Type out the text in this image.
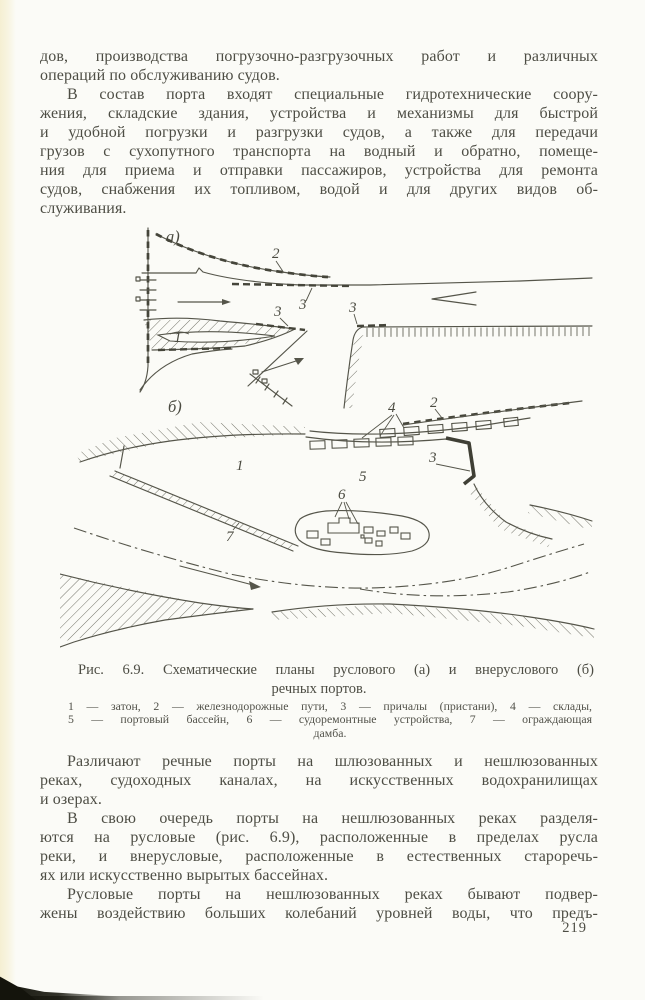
дов, производства погрузочно-разгрузочных работ и различных
операций по обслуживанию судов.
В состав порта входят специальные гидротехнические соору-
жения, складские здания, устройства и механизмы для быстрой
и удобной погрузки и разгрузки судов, а также для передачи
грузов с сухопутного транспорта на водный и обратно, помеще-
ния для приема и отправки пассажиров, устройства для ремонта
судов, снабжения их топливом, водой и для других видов об-
служивания.
а)
2
1
3 3	3
б)
7
4 2
3
1
5
6
Рис. 6.9. Схематические планы руслового (а) и внеруслового (б)
речных портов.
1 — затон, 2 — железнодорожные пути, 3 — причалы (пристани), 4 — склады,
5 — портовый бассейн, 6 — судоремонтные устройства, 7 — ограждающая
дамба.
Различают речные порты на шлюзованных и нешлюзованных
реках, судоходных каналах, на искусственных водохранилищах
и озерах.
В свою очередь порты на нешлюзованных реках разделя-
ются на русловые (рис. 6.9), расположенные в пределах русла
реки, и внерусловые, расположенные в естественных староречь-
ях или искусственно вырытых бассейнах.
Русловые порты на нешлюзованных реках бывают подвер-
жены воздействию больших колебаний уровней воды, что предъ-
219
